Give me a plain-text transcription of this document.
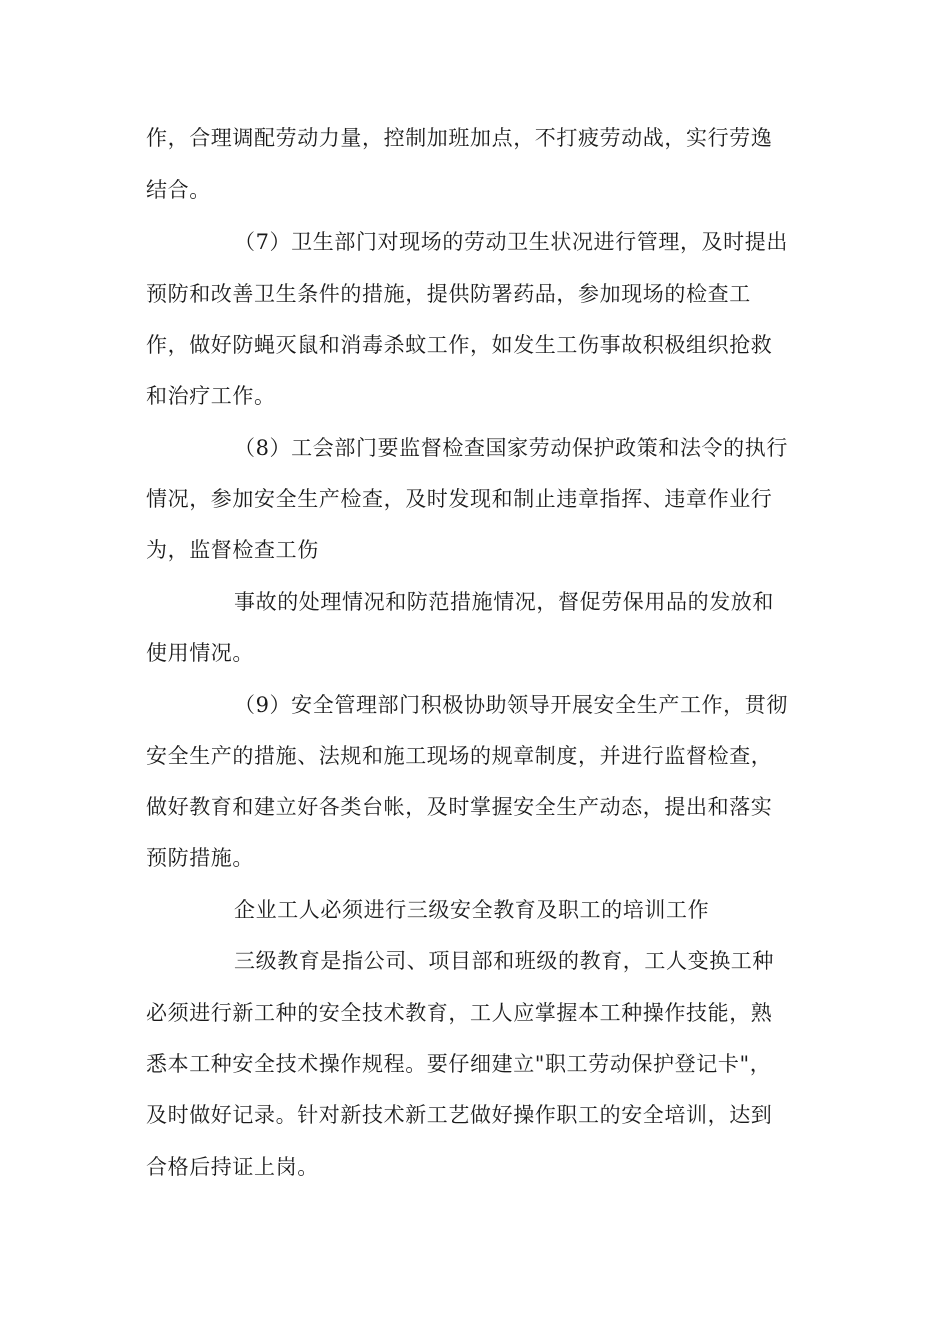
作，合理调配劳动力量，控制加班加点，不打疲劳动战，实行劳逸
结合。
（7）卫生部门对现场的劳动卫生状况进行管理，及时提出
预防和改善卫生条件的措施，提供防署药品，参加现场的检查工
作，做好防蝇灭鼠和消毒杀蚊工作，如发生工伤事故积极组织抢救
和治疗工作。
（8）工会部门要监督检查国家劳动保护政策和法令的执行
情况，参加安全生产检查，及时发现和制止违章指挥、违章作业行
为，监督检查工伤
事故的处理情况和防范措施情况，督促劳保用品的发放和
使用情况。
（9）安全管理部门积极协助领导开展安全生产工作，贯彻
安全生产的措施、法规和施工现场的规章制度，并进行监督检查，
做好教育和建立好各类台帐，及时掌握安全生产动态，提出和落实
预防措施。
企业工人必须进行三级安全教育及职工的培训工作
三级教育是指公司、项目部和班级的教育，工人变换工种
必须进行新工种的安全技术教育，工人应掌握本工种操作技能，熟
悉本工种安全技术操作规程。要仔细建立"职工劳动保护登记卡"，
及时做好记录。针对新技术新工艺做好操作职工的安全培训，达到
合格后持证上岗。
